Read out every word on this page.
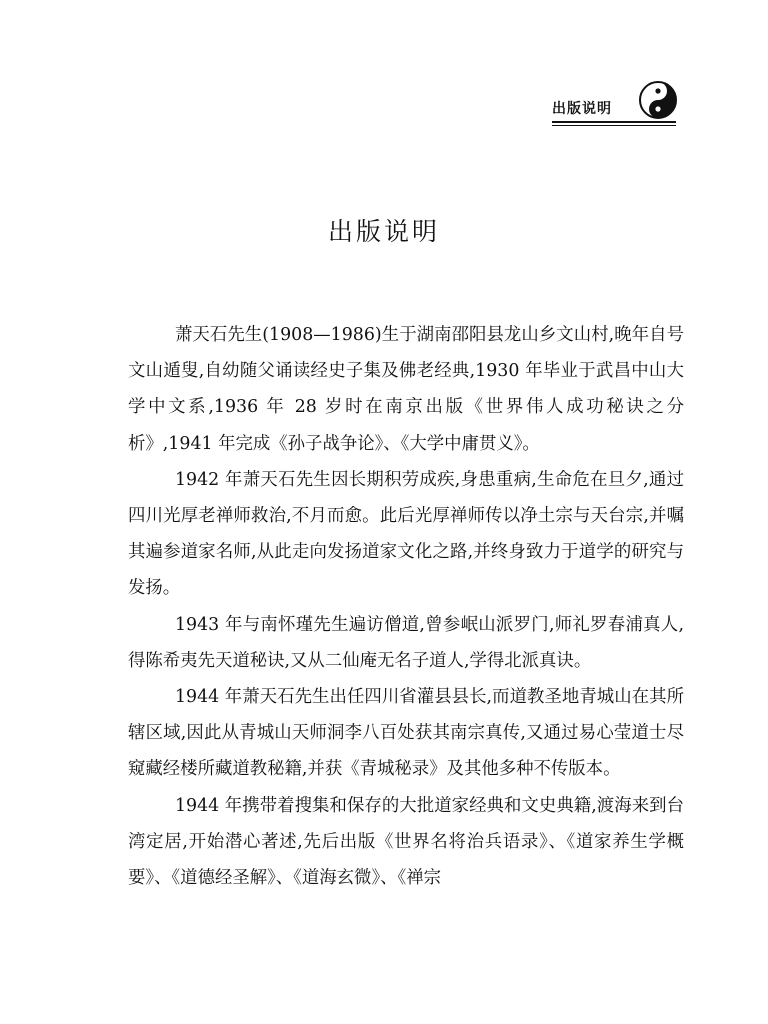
出版说明
出版说明

萧天石先生(1908—1986)生于湖南邵阳县龙山乡文山村,晚年自号文山遁叟,自幼随父诵读经史子集及佛老经典,1930 年毕业于武昌中山大学中文系,1936 年 28 岁时在南京出版《世界伟人成功秘诀之分析》,1941 年完成《孙子战争论》、《大学中庸贯义》。

1942 年萧天石先生因长期积劳成疾,身患重病,生命危在旦夕,通过四川光厚老禅师救治,不月而愈。此后光厚禅师传以净土宗与天台宗,并嘱其遍参道家名师,从此走向发扬道家文化之路,并终身致力于道学的研究与发扬。

1943 年与南怀瑾先生遍访僧道,曾参岷山派罗门,师礼罗春浦真人,得陈希夷先天道秘诀,又从二仙庵无名子道人,学得北派真诀。

1944 年萧天石先生出任四川省灌县县长,而道教圣地青城山在其所辖区域,因此从青城山天师洞李八百处获其南宗真传,又通过易心莹道士尽窥藏经楼所藏道教秘籍,并获《青城秘录》及其他多种不传版本。

1944 年携带着搜集和保存的大批道家经典和文史典籍,渡海来到台湾定居,开始潜心著述,先后出版《世界名将治兵语录》、《道家养生学概要》、《道德经圣解》、《道海玄微》、《禅宗
